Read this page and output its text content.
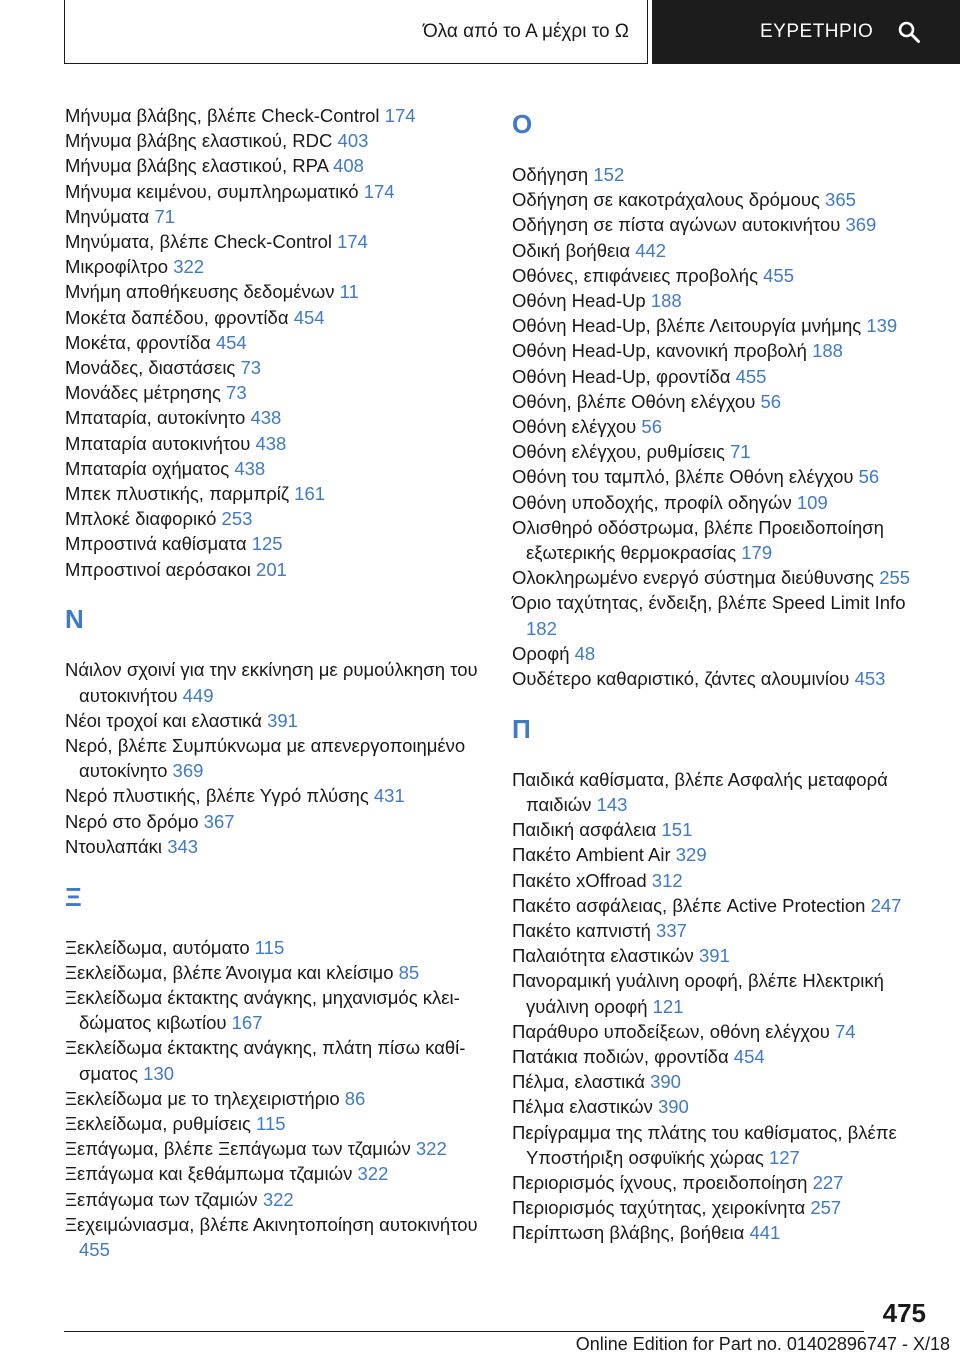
Όλα από το Α μέχρι το Ω	ΕΥΡΕΤΗΡΙΟ
Μήνυμα βλάβης, βλέπε Check-Control 174
Μήνυμα βλάβης ελαστικού, RDC 403
Μήνυμα βλάβης ελαστικού, RPA 408
Μήνυμα κειμένου, συμπληρωματικό 174
Μηνύματα 71
Μηνύματα, βλέπε Check-Control 174
Μικροφίλτρο 322
Μνήμη αποθήκευσης δεδομένων 11
Μοκέτα δαπέδου, φροντίδα 454
Μοκέτα, φροντίδα 454
Μονάδες, διαστάσεις 73
Μονάδες μέτρησης 73
Μπαταρία, αυτοκίνητο 438
Μπαταρία αυτοκινήτου 438
Μπαταρία οχήματος 438
Μπεκ πλυστικής, παρμπρίζ 161
Μπλοκέ διαφορικό 253
Μπροστινά καθίσματα 125
Μπροστινοί αερόσακοι 201
Ν
Νάιλον σχοινί για την εκκίνηση με ρυμούλκηση του αυτοκινήτου 449
Νέοι τροχοί και ελαστικά 391
Νερό, βλέπε Συμπύκνωμα με απενεργοποιημένο αυτοκίνητο 369
Νερό πλυστικής, βλέπε Υγρό πλύσης 431
Νερό στο δρόμο 367
Ντουλαπάκι 343
Ξ
Ξεκλείδωμα, αυτόματο 115
Ξεκλείδωμα, βλέπε Άνοιγμα και κλείσιμο 85
Ξεκλείδωμα έκτακτης ανάγκης, μηχανισμός κλειδώματος κιβωτίου 167
Ξεκλείδωμα έκτακτης ανάγκης, πλάτη πίσω καθίσματος 130
Ξεκλείδωμα με το τηλεχειριστήριο 86
Ξεκλείδωμα, ρυθμίσεις 115
Ξεπάγωμα, βλέπε Ξεπάγωμα των τζαμιών 322
Ξεπάγωμα και ξεθάμπωμα τζαμιών 322
Ξεπάγωμα των τζαμιών 322
Ξεχειμώνιασμα, βλέπε Ακινητοποίηση αυτοκινήτου 455
Ο
Οδήγηση 152
Οδήγηση σε κακοτράχαλους δρόμους 365
Οδήγηση σε πίστα αγώνων αυτοκινήτου 369
Οδική βοήθεια 442
Οθόνες, επιφάνειες προβολής 455
Οθόνη Head-Up 188
Οθόνη Head-Up, βλέπε Λειτουργία μνήμης 139
Οθόνη Head-Up, κανονική προβολή 188
Οθόνη Head-Up, φροντίδα 455
Οθόνη, βλέπε Οθόνη ελέγχου 56
Οθόνη ελέγχου 56
Οθόνη ελέγχου, ρυθμίσεις 71
Οθόνη του ταμπλό, βλέπε Οθόνη ελέγχου 56
Οθόνη υποδοχής, προφίλ οδηγών 109
Ολισθηρό οδόστρωμα, βλέπε Προειδοποίηση εξωτερικής θερμοκρασίας 179
Ολοκληρωμένο ενεργό σύστημα διεύθυνσης 255
Όριο ταχύτητας, ένδειξη, βλέπε Speed Limit Info 182
Οροφή 48
Ουδέτερο καθαριστικό, ζάντες αλουμινίου 453
Π
Παιδικά καθίσματα, βλέπε Ασφαλής μεταφορά παιδιών 143
Παιδική ασφάλεια 151
Πακέτο Ambient Air 329
Πακέτο xOffroad 312
Πακέτο ασφάλειας, βλέπε Active Protection 247
Πακέτο καπνιστή 337
Παλαιότητα ελαστικών 391
Πανοραμική γυάλινη οροφή, βλέπε Ηλεκτρική γυάλινη οροφή 121
Παράθυρο υποδείξεων, οθόνη ελέγχου 74
Πατάκια ποδιών, φροντίδα 454
Πέλμα, ελαστικά 390
Πέλμα ελαστικών 390
Περίγραμμα της πλάτης του καθίσματος, βλέπε Υποστήριξη οσφυϊκής χώρας 127
Περιορισμός ίχνους, προειδοποίηση 227
Περιορισμός ταχύτητας, χειροκίνητα 257
Περίπτωση βλάβης, βοήθεια 441
475
Online Edition for Part no. 01402896747 - X/18
